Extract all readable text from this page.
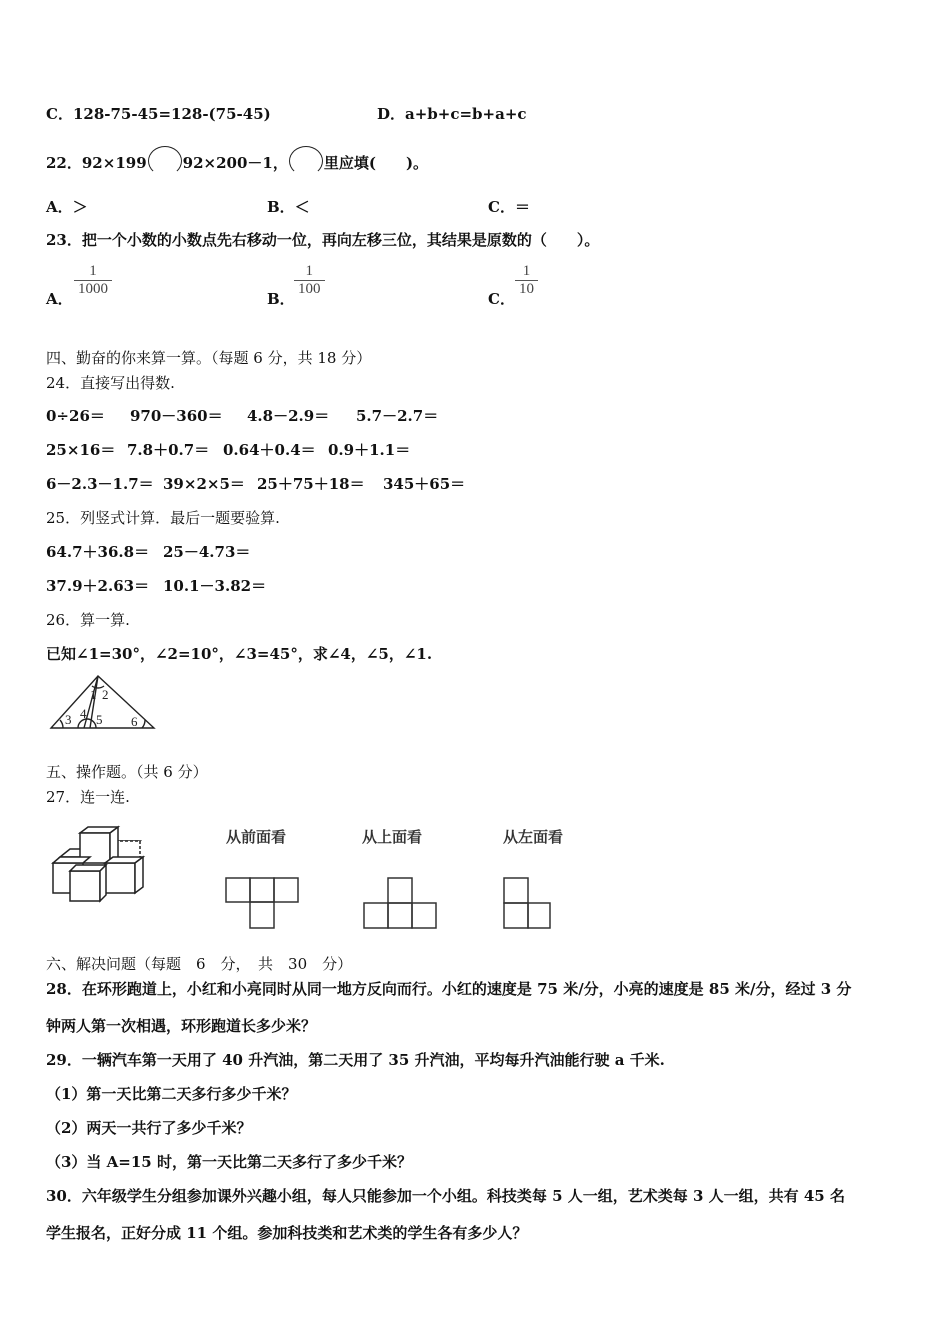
C．128-75-45=128-(75-45)	D．a+b+c=b+a+c
22．92×199 92×200－1， 里应填(　　)。
A．＞	B．＜	C．＝
23．把一个小数的小数点先右移动一位，再向左移三位，其结果是原数的（　　）。
A．
$\frac{1}{1000}$
B．
$\frac{1}{100}$
C．
$\frac{1}{10}$
四、勤奋的你来算一算。（每题 6 分，共 18 分）
24．直接写出得数.
0÷26＝ 970－360＝ 4.8－2.9＝ 5.7－2.7＝
25×16＝ 7.8＋0.7＝ 0.64＋0.4＝ 0.9＋1.1＝
6－2.3－1.7＝ 39×2×5＝ 25＋75＋18＝ 345＋65＝
25．列竖式计算．最后一题要验算.
64.7＋36.8＝ 25－4.73＝
37.9＋2.63＝ 10.1－3.82＝
26．算一算.
已知∠1=30°，∠2=10°，∠3=45°，求∠4，∠5，∠1.
1 2
3 4 5 6
五、操作题。（共 6 分）
27．连一连.
从前面看	从上面看	从左面看
六、解决问题（每题　6　分，　共　30　分）
28．在环形跑道上，小红和小亮同时从同一地方反向而行。小红的速度是 75 米/分，小亮的速度是 85 米/分，经过 3 分
钟两人第一次相遇，环形跑道长多少米？
29．一辆汽车第一天用了 40 升汽油，第二天用了 35 升汽油，平均每升汽油能行驶 a 千米.
（1）第一天比第二天多行多少千米？
（2）两天一共行了多少千米？
（3）当 A=15 时，第一天比第二天多行了多少千米？
30．六年级学生分组参加课外兴趣小组，每人只能参加一个小组。科技类每 5 人一组，艺术类每 3 人一组，共有 45 名
学生报名，正好分成 11 个组。参加科技类和艺术类的学生各有多少人？
